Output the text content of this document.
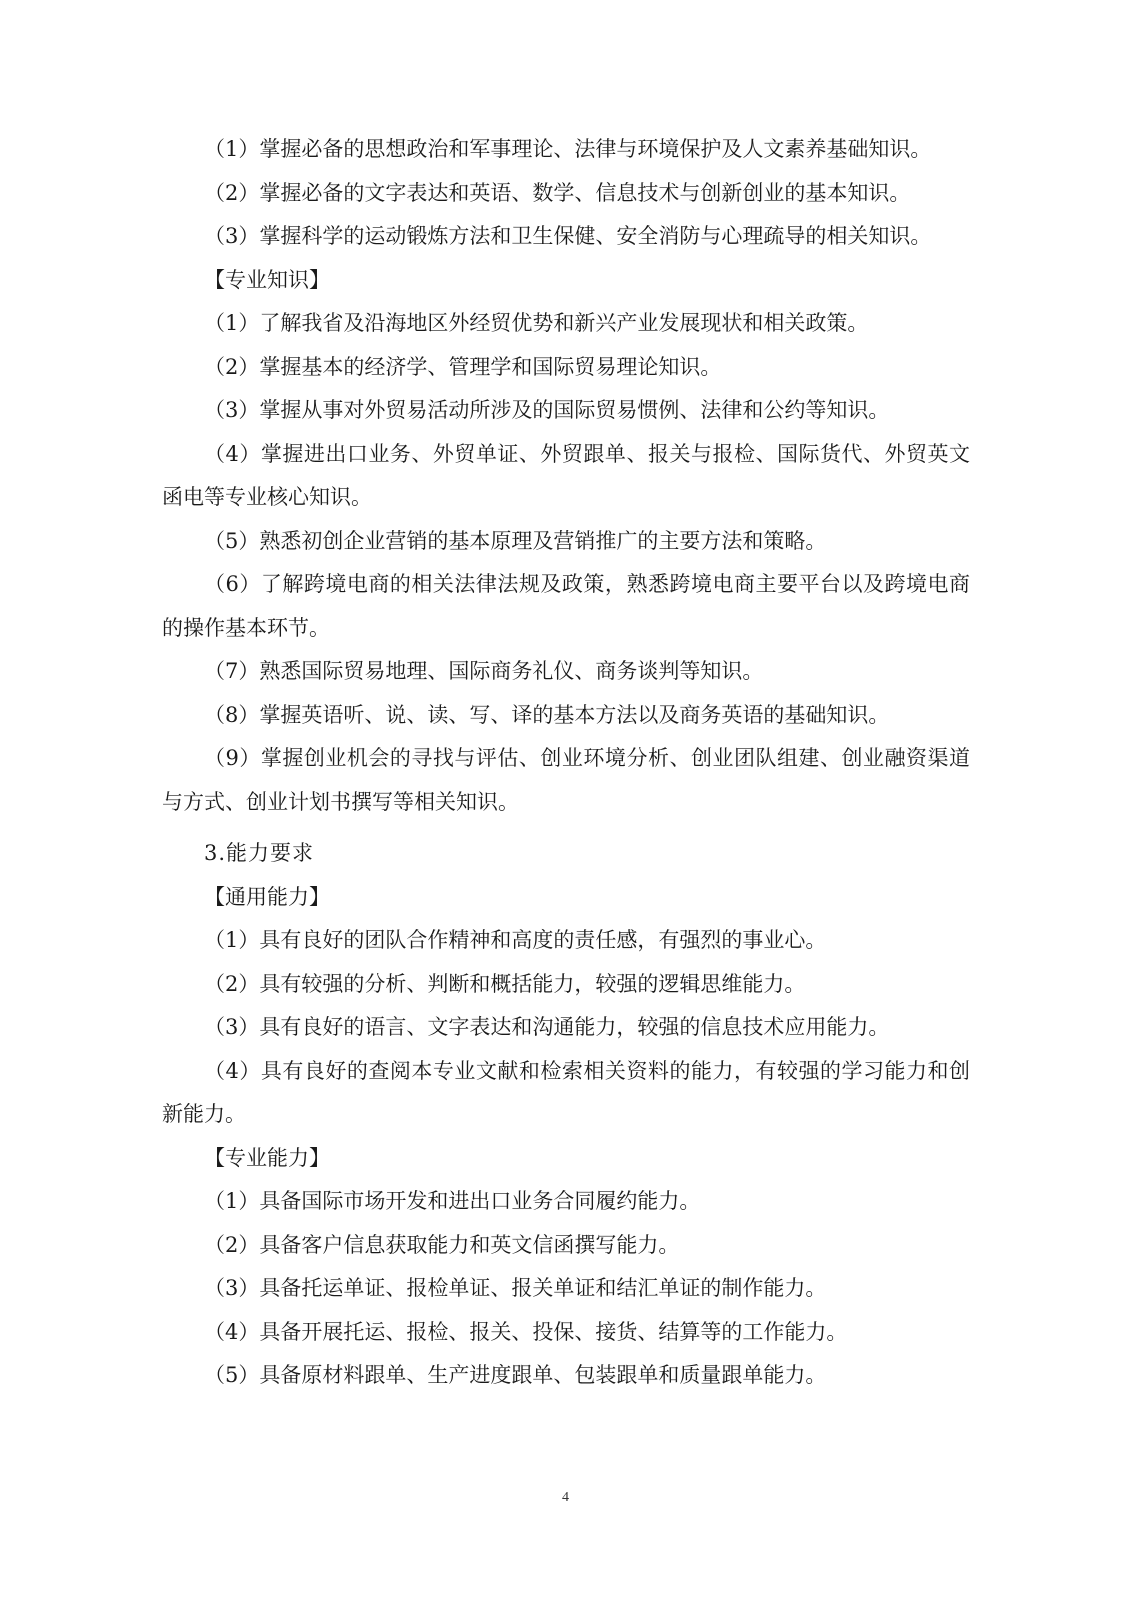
（1）掌握必备的思想政治和军事理论、法律与环境保护及人文素养基础知识。

（2）掌握必备的文字表达和英语、数学、信息技术与创新创业的基本知识。

（3）掌握科学的运动锻炼方法和卫生保健、安全消防与心理疏导的相关知识。

【专业知识】

（1）了解我省及沿海地区外经贸优势和新兴产业发展现状和相关政策。

（2）掌握基本的经济学、管理学和国际贸易理论知识。

（3）掌握从事对外贸易活动所涉及的国际贸易惯例、法律和公约等知识。

（4）掌握进出口业务、外贸单证、外贸跟单、报关与报检、国际货代、外贸英文函电等专业核心知识。

（5）熟悉初创企业营销的基本原理及营销推广的主要方法和策略。

（6）了解跨境电商的相关法律法规及政策，熟悉跨境电商主要平台以及跨境电商的操作基本环节。

（7）熟悉国际贸易地理、国际商务礼仪、商务谈判等知识。

（8）掌握英语听、说、读、写、译的基本方法以及商务英语的基础知识。

（9）掌握创业机会的寻找与评估、创业环境分析、创业团队组建、创业融资渠道与方式、创业计划书撰写等相关知识。

3.能力要求

【通用能力】

（1）具有良好的团队合作精神和高度的责任感，有强烈的事业心。

（2）具有较强的分析、判断和概括能力，较强的逻辑思维能力。

（3）具有良好的语言、文字表达和沟通能力，较强的信息技术应用能力。

（4）具有良好的查阅本专业文献和检索相关资料的能力，有较强的学习能力和创新能力。

【专业能力】

（1）具备国际市场开发和进出口业务合同履约能力。

（2）具备客户信息获取能力和英文信函撰写能力。

（3）具备托运单证、报检单证、报关单证和结汇单证的制作能力。

（4）具备开展托运、报检、报关、投保、接货、结算等的工作能力。

（5）具备原材料跟单、生产进度跟单、包装跟单和质量跟单能力。

4
